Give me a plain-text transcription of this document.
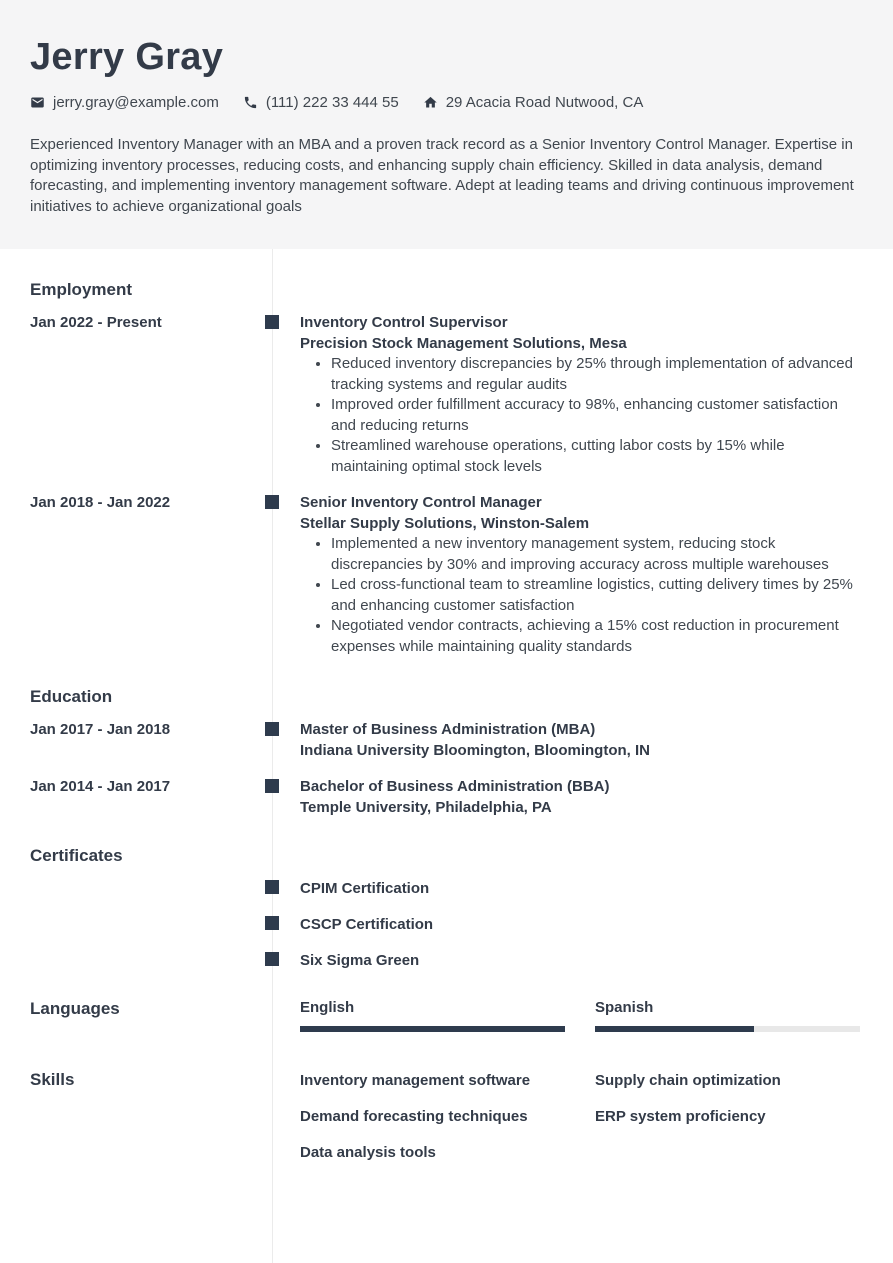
Jerry Gray
jerry.gray@example.com	(111) 222 33 444 55	29 Acacia Road Nutwood, CA
Experienced Inventory Manager with an MBA and a proven track record as a Senior Inventory Control Manager. Expertise in optimizing inventory processes, reducing costs, and enhancing supply chain efficiency. Skilled in data analysis, demand forecasting, and implementing inventory management software. Adept at leading teams and driving continuous improvement initiatives to achieve organizational goals
Employment
Jan 2022 - Present	Inventory Control Supervisor
Precision Stock Management Solutions, Mesa
• Reduced inventory discrepancies by 25% through implementation of advanced tracking systems and regular audits
• Improved order fulfillment accuracy to 98%, enhancing customer satisfaction and reducing returns
• Streamlined warehouse operations, cutting labor costs by 15% while maintaining optimal stock levels
Jan 2018 - Jan 2022	Senior Inventory Control Manager
Stellar Supply Solutions, Winston-Salem
• Implemented a new inventory management system, reducing stock discrepancies by 30% and improving accuracy across multiple warehouses
• Led cross-functional team to streamline logistics, cutting delivery times by 25% and enhancing customer satisfaction
• Negotiated vendor contracts, achieving a 15% cost reduction in procurement expenses while maintaining quality standards
Education
Jan 2017 - Jan 2018	Master of Business Administration (MBA)
Indiana University Bloomington, Bloomington, IN
Jan 2014 - Jan 2017	Bachelor of Business Administration (BBA)
Temple University, Philadelphia, PA
Certificates
CPIM Certification
CSCP Certification
Six Sigma Green
Languages	English	Spanish
Skills	Inventory management software	Supply chain optimization
Demand forecasting techniques	ERP system proficiency
Data analysis tools
